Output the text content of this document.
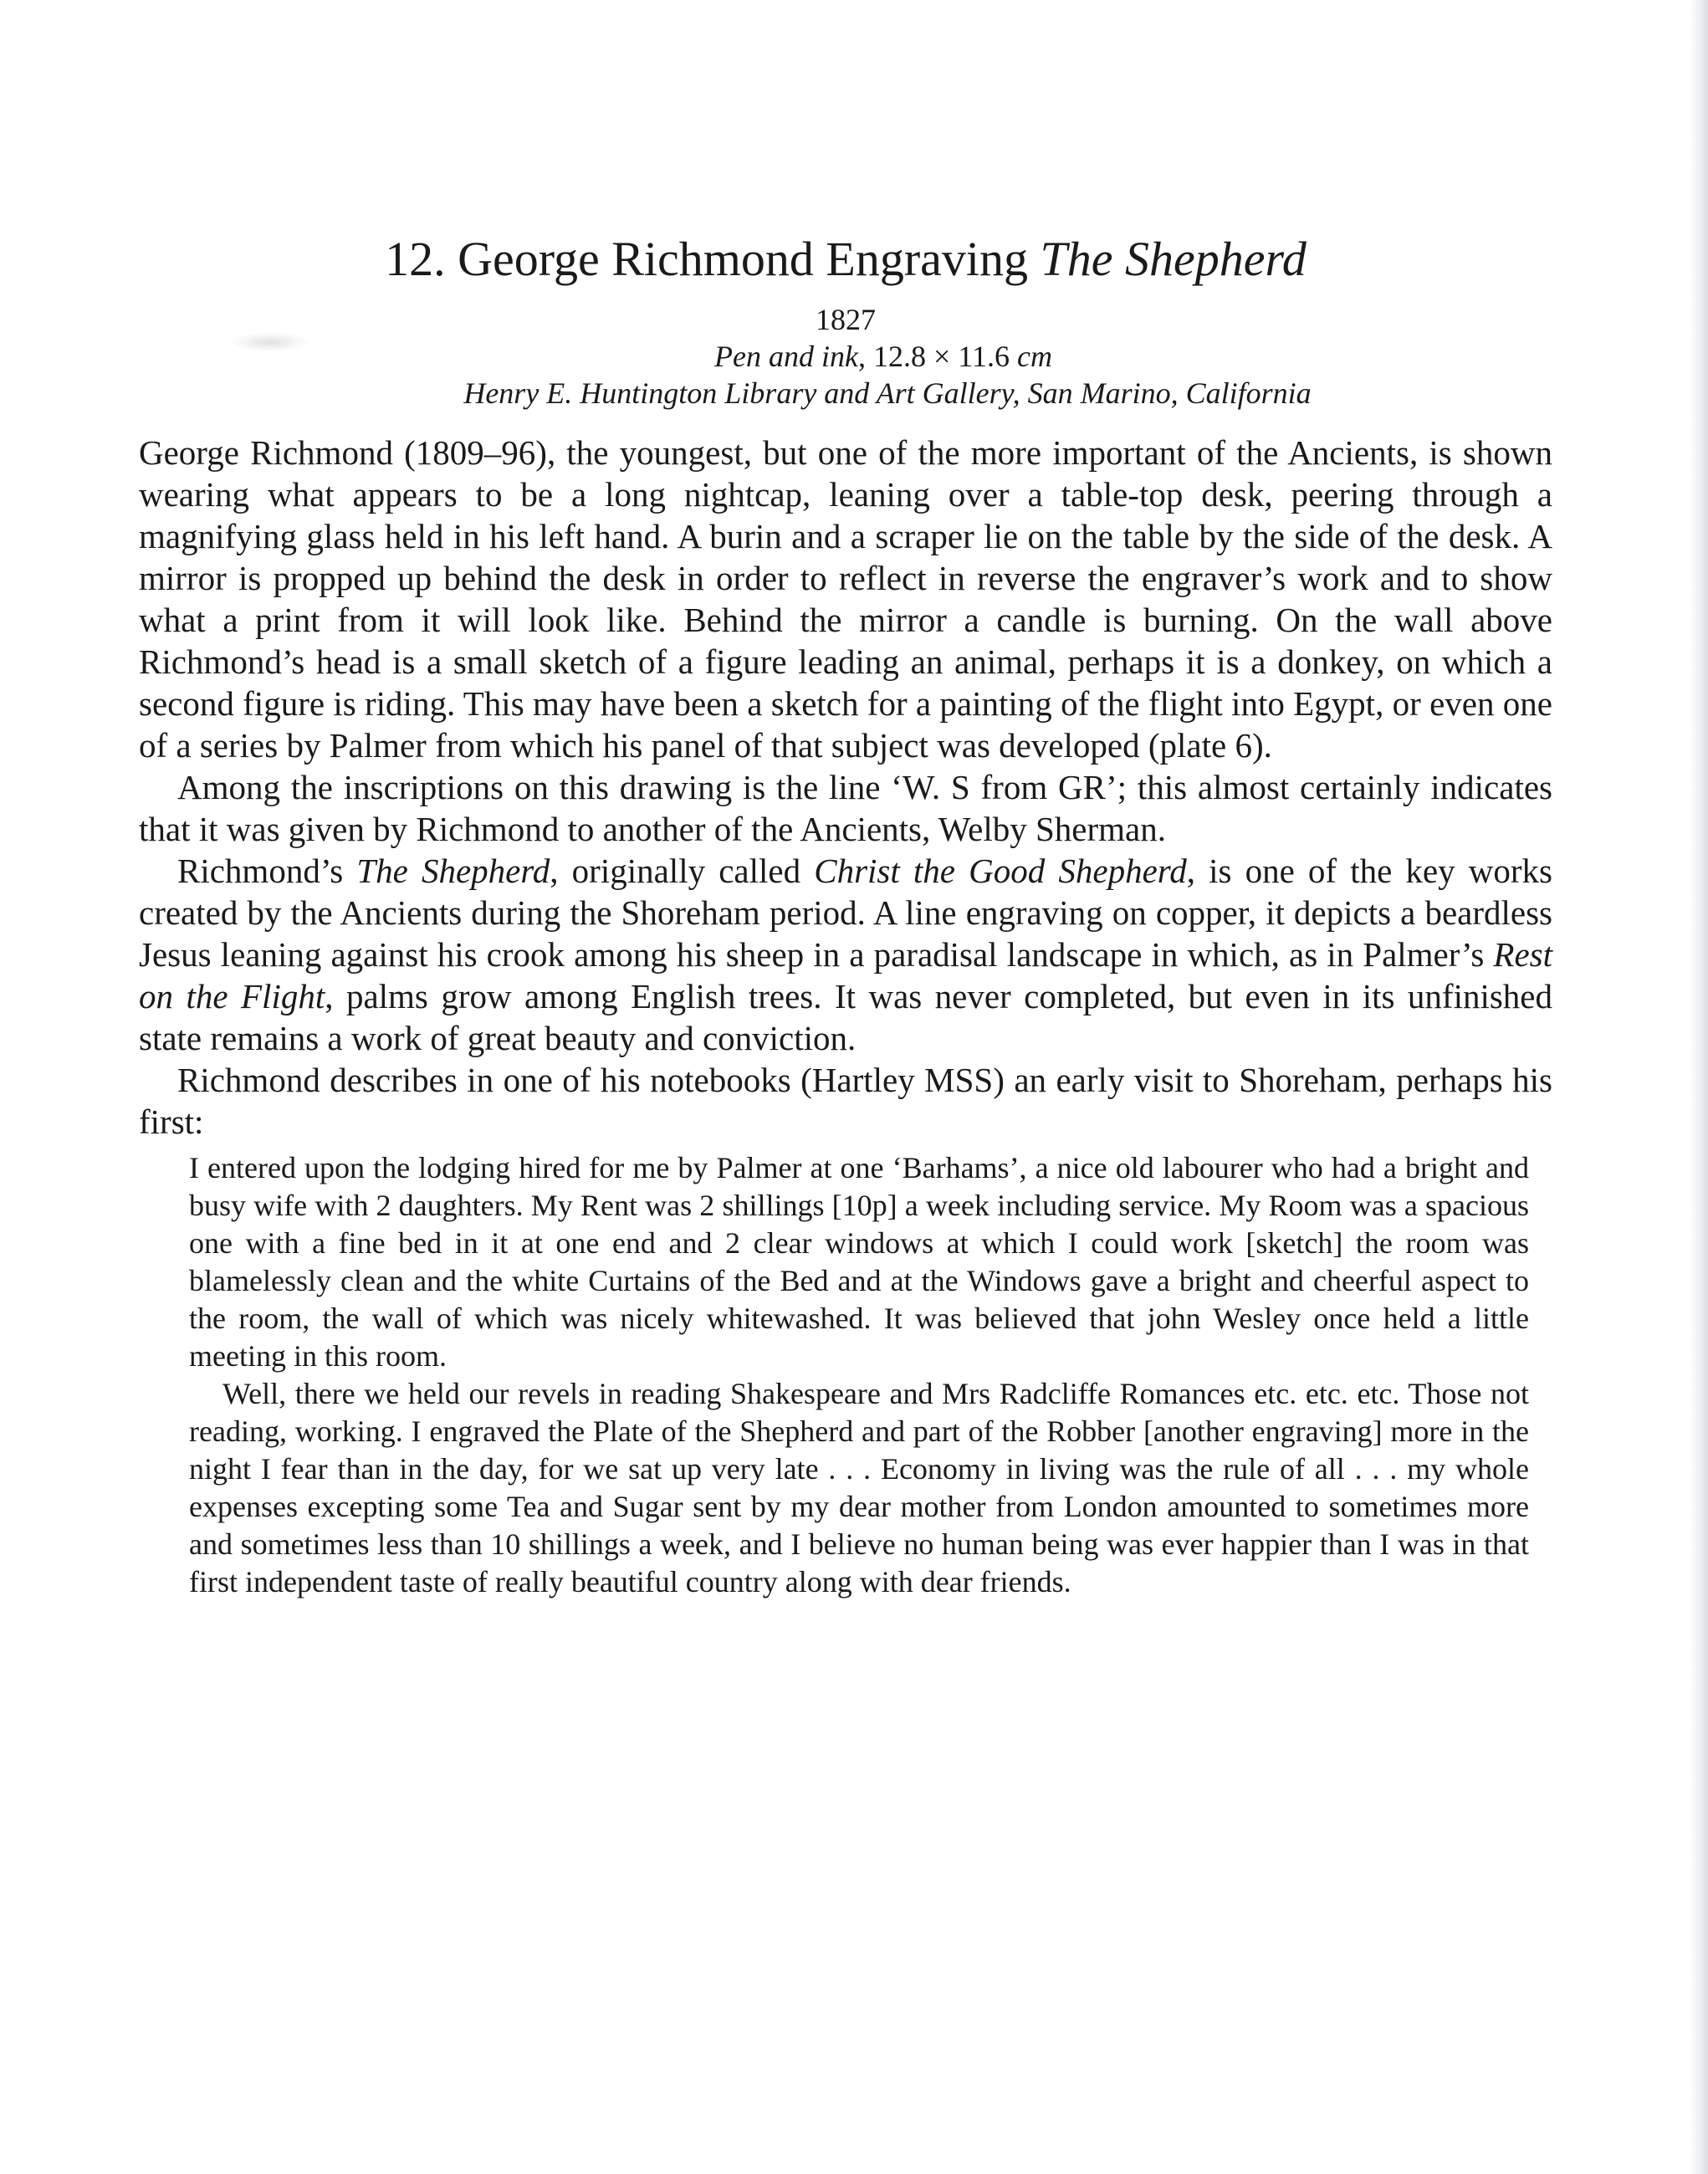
12. George Richmond Engraving The Shepherd

1827

Pen and ink, 12.8 × 11.6 cm

Henry E. Huntington Library and Art Gallery, San Marino, California

George Richmond (1809–96), the youngest, but one of the more important of the Ancients, is shown wearing what appears to be a long nightcap, leaning over a table-top desk, peering through a magnifying glass held in his left hand. A burin and a scraper lie on the table by the side of the desk. A mirror is propped up behind the desk in order to reflect in reverse the engraver’s work and to show what a print from it will look like. Behind the mirror a candle is burning. On the wall above Richmond’s head is a small sketch of a figure leading an animal, perhaps it is a donkey, on which a second figure is riding. This may have been a sketch for a painting of the flight into Egypt, or even one of a series by Palmer from which his panel of that subject was developed (plate 6).

Among the inscriptions on this drawing is the line ‘W. S from GR’; this almost certainly indicates that it was given by Richmond to another of the Ancients, Welby Sherman.

Richmond’s The Shepherd, originally called Christ the Good Shepherd, is one of the key works created by the Ancients during the Shoreham period. A line engraving on copper, it depicts a beardless Jesus leaning against his crook among his sheep in a paradisal landscape in which, as in Palmer’s Rest on the Flight, palms grow among English trees. It was never completed, but even in its unfinished state remains a work of great beauty and conviction.

Richmond describes in one of his notebooks (Hartley MSS) an early visit to Shoreham, perhaps his first:

I entered upon the lodging hired for me by Palmer at one ‘Barhams’, a nice old labourer who had a bright and busy wife with 2 daughters. My Rent was 2 shillings [10p] a week including service. My Room was a spacious one with a fine bed in it at one end and 2 clear windows at which I could work [sketch] the room was blamelessly clean and the white Curtains of the Bed and at the Windows gave a bright and cheerful aspect to the room, the wall of which was nicely whitewashed. It was believed that john Wesley once held a little meeting in this room.

Well, there we held our revels in reading Shakespeare and Mrs Radcliffe Romances etc. etc. etc. Those not reading, working. I engraved the Plate of the Shepherd and part of the Robber [another engraving] more in the night I fear than in the day, for we sat up very late . . . Economy in living was the rule of all . . . my whole expenses excepting some Tea and Sugar sent by my dear mother from London amounted to sometimes more and sometimes less than 10 shillings a week, and I believe no human being was ever happier than I was in that first independent taste of really beautiful country along with dear friends.
